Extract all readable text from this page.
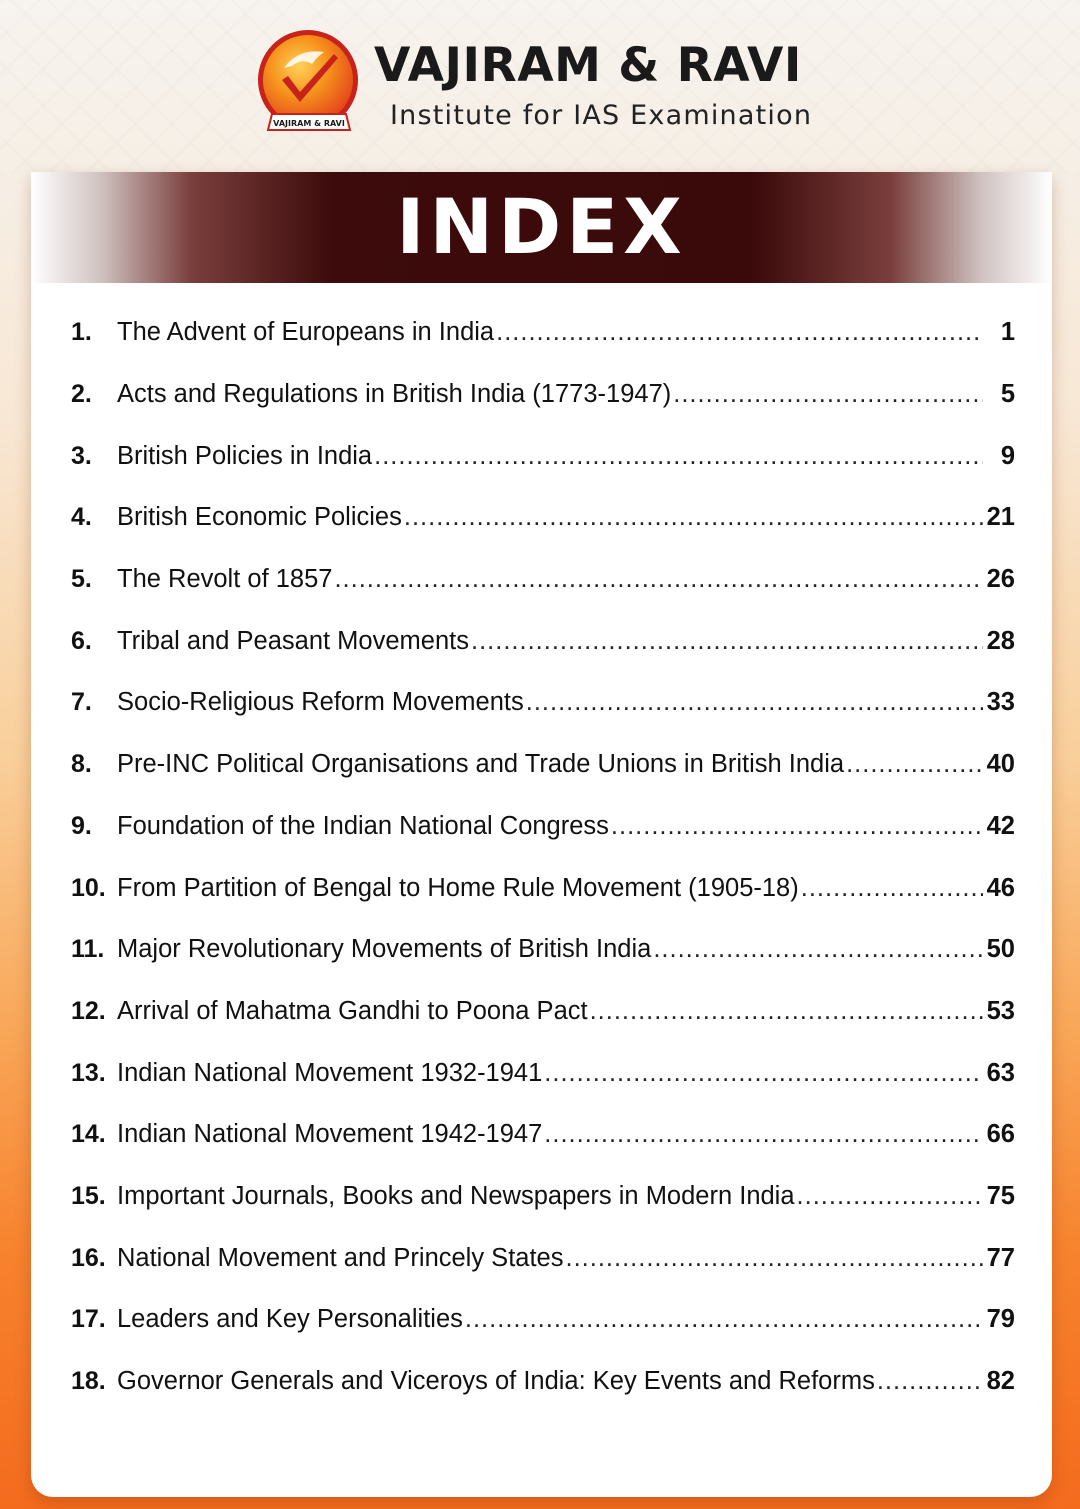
VAJIRAM & RAVI
VAJIRAM & RAVI
Institute for IAS Examination
INDEX
1. The Advent of Europeans in India .....	1
2. Acts and Regulations in British India (1773-1947) .....	5
3. British Policies in India .....	9
4. British Economic Policies .....	21
5. The Revolt of 1857 .....	26
6. Tribal and Peasant Movements .....	28
7. Socio-Religious Reform Movements .....	33
8. Pre-INC Political Organisations and Trade Unions in British India .....	40
9. Foundation of the Indian National Congress .....	42
10. From Partition of Bengal to Home Rule Movement (1905-18) .....	46
11. Major Revolutionary Movements of British India .....	50
12. Arrival of Mahatma Gandhi to Poona Pact .....	53
13. Indian National Movement 1932-1941 .....	63
14. Indian National Movement 1942-1947 .....	66
15. Important Journals, Books and Newspapers in Modern India .....	75
16. National Movement and Princely States .....	77
17. Leaders and Key Personalities .....	79
18. Governor Generals and Viceroys of India: Key Events and Reforms .....	82
